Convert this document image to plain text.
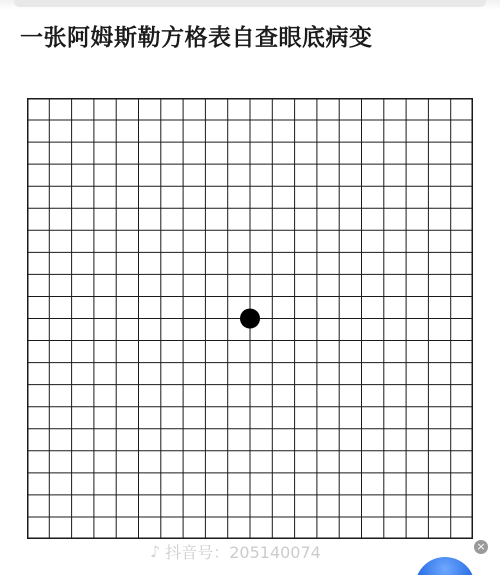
一张阿姆斯勒方格表自查眼底病变
♪ 抖音号：205140074	×
